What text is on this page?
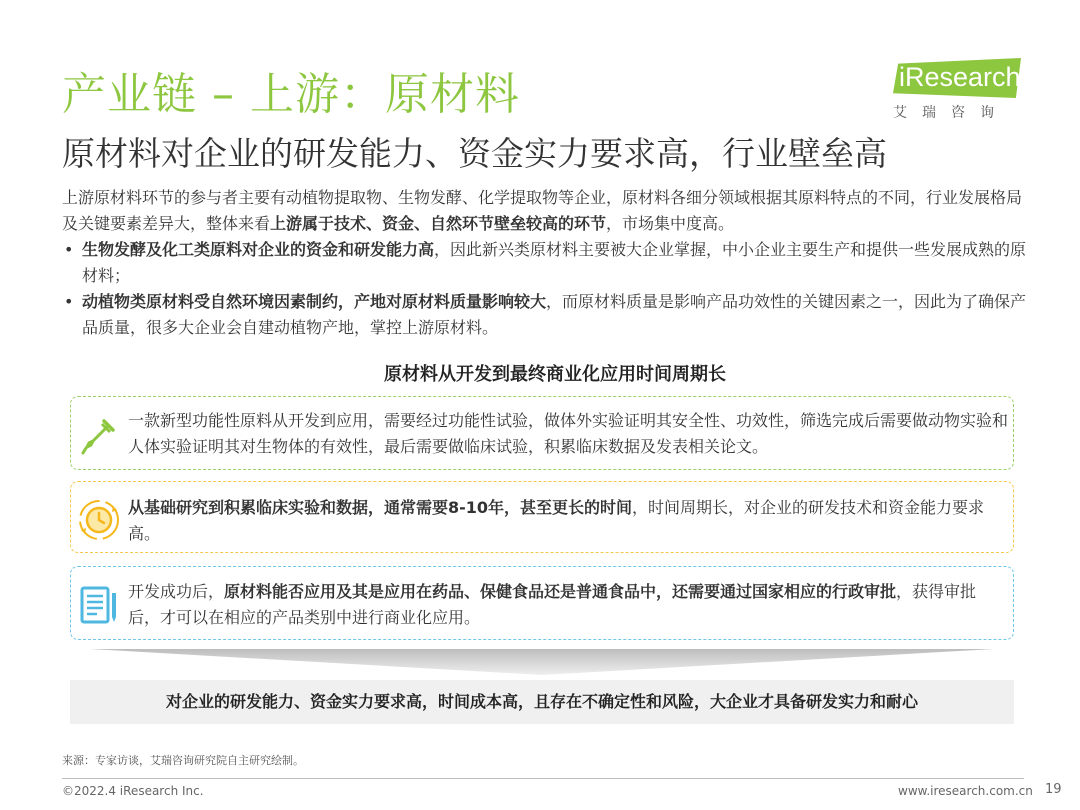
产业链 – 上游：原材料
原材料对企业的研发能力、资金实力要求高，行业壁垒高
iResearch
艾瑞咨询

上游原材料环节的参与者主要有动植物提取物、生物发酵、化学提取物等企业，原材料各细分领域根据其原料特点的不同，行业发展格局及关键要素差异大，整体来看上游属于技术、资金、自然环节壁垒较高的环节，市场集中度高。

• 生物发酵及化工类原料对企业的资金和研发能力高，因此新兴类原材料主要被大企业掌握，中小企业主要生产和提供一些发展成熟的原材料；

• 动植物类原材料受自然环境因素制约，产地对原材料质量影响较大，而原材料质量是影响产品功效性的关键因素之一，因此为了确保产品质量，很多大企业会自建动植物产地，掌控上游原材料。

原材料从开发到最终商业化应用时间周期长
一款新型功能性原料从开发到应用，需要经过功能性试验，做体外实验证明其安全性、功效性，筛选完成后需要做动物实验和人体实验证明其对生物体的有效性，最后需要做临床试验，积累临床数据及发表相关论文。
从基础研究到积累临床实验和数据，通常需要8-10年，甚至更长的时间，时间周期长，对企业的研发技术和资金能力要求高。
开发成功后，原材料能否应用及其是应用在药品、保健食品还是普通食品中，还需要通过国家相应的行政审批，获得审批后，才可以在相应的产品类别中进行商业化应用。
对企业的研发能力、资金实力要求高，时间成本高，且存在不确定性和风险，大企业才具备研发实力和耐心
来源：专家访谈，艾瑞咨询研究院自主研究绘制。
©2022.4 iResearch Inc.	www.iresearch.com.cn 19
